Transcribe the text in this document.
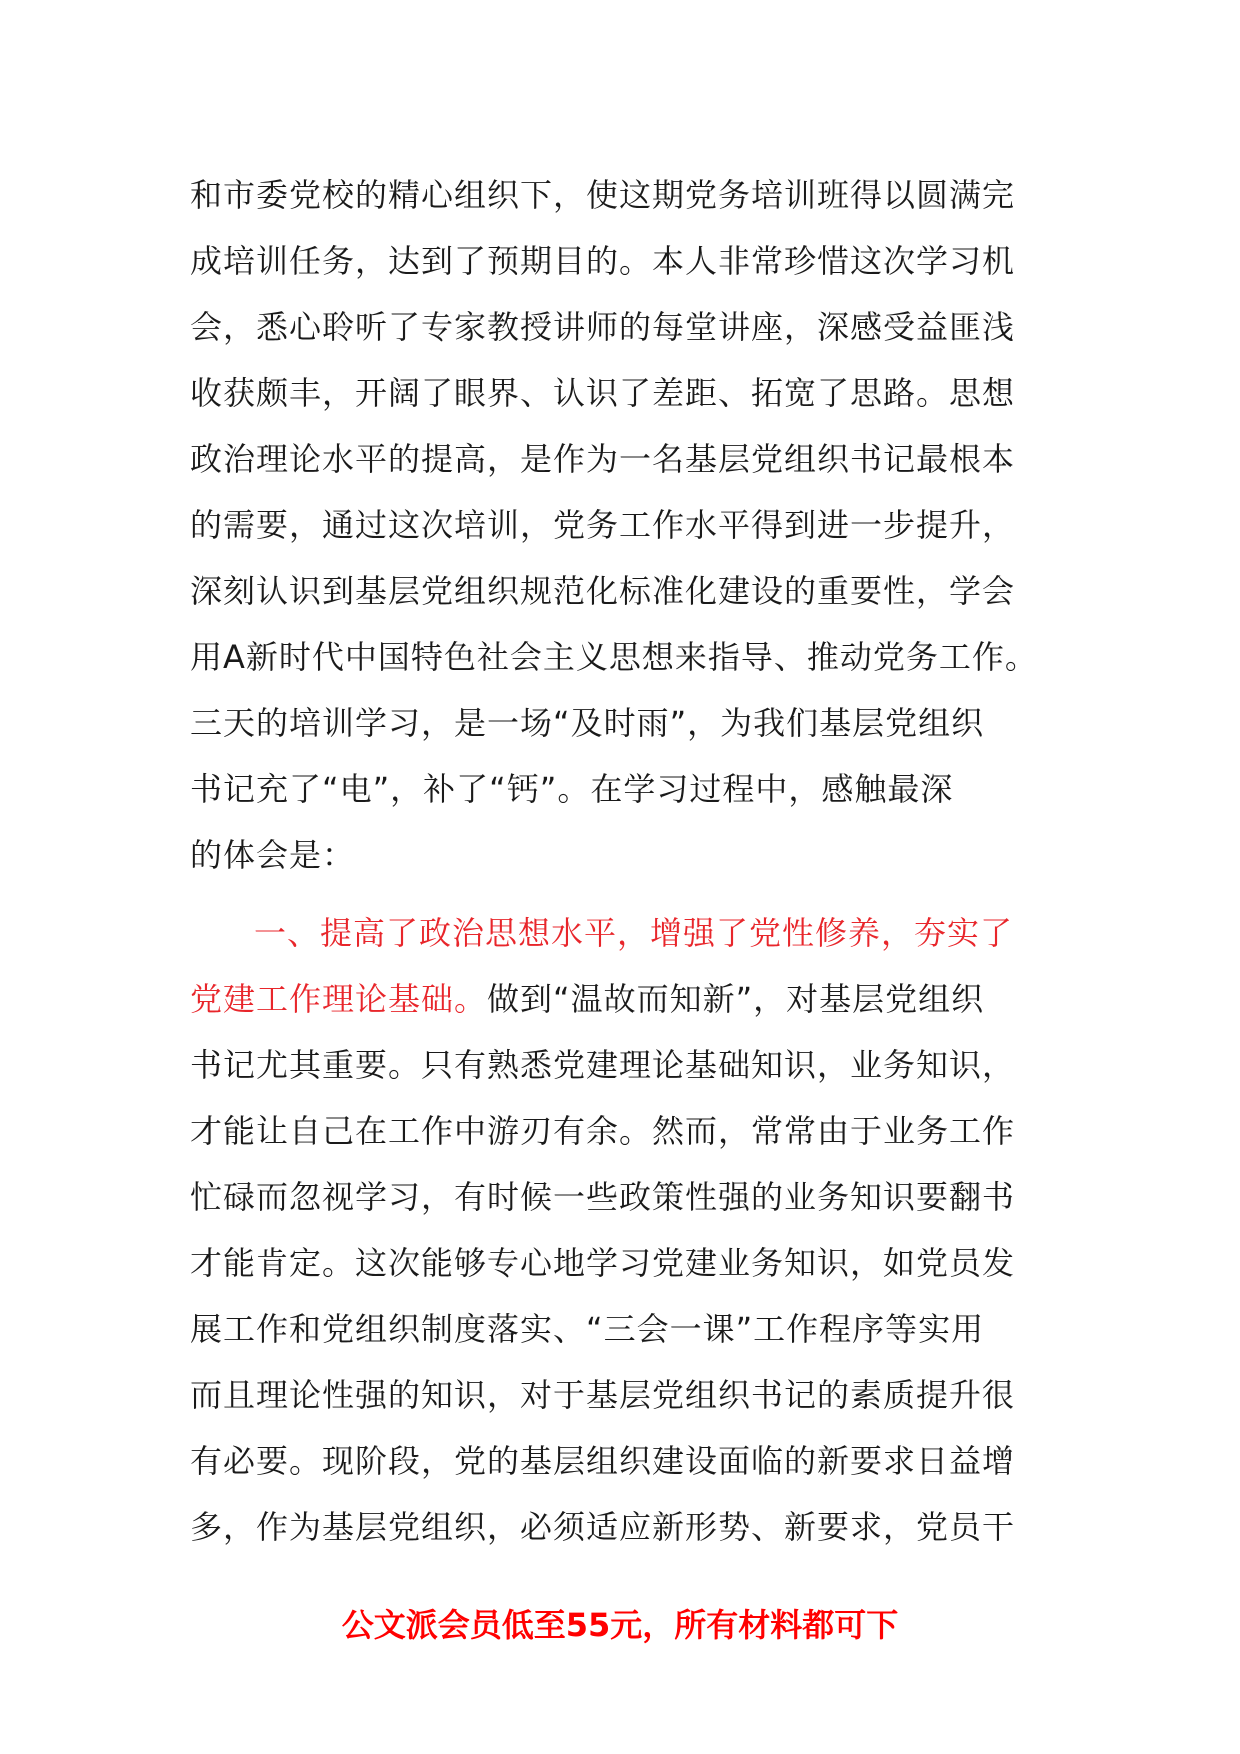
和市委党校的精心组织下，使这期党务培训班得以圆满完
成培训任务，达到了预期目的。本人非常珍惜这次学习机
会，悉心聆听了专家教授讲师的每堂讲座，深感受益匪浅
收获颇丰，开阔了眼界、认识了差距、拓宽了思路。思想
政治理论水平的提高，是作为一名基层党组织书记最根本
的需要，通过这次培训，党务工作水平得到进一步提升，
深刻认识到基层党组织规范化标准化建设的重要性，学会
用A新时代中国特色社会主义思想来指导、推动党务工作。
三天的培训学习，是一场“及时雨”，为我们基层党组织
书记充了“电”，补了“钙”。在学习过程中，感触最深
的体会是：
一、提高了政治思想水平，增强了党性修养，夯实了
党建工作理论基础。做到“温故而知新”，对基层党组织
书记尤其重要。只有熟悉党建理论基础知识，业务知识，
才能让自己在工作中游刃有余。然而，常常由于业务工作
忙碌而忽视学习，有时候一些政策性强的业务知识要翻书
才能肯定。这次能够专心地学习党建业务知识，如党员发
展工作和党组织制度落实、“三会一课”工作程序等实用
而且理论性强的知识，对于基层党组织书记的素质提升很
有必要。现阶段，党的基层组织建设面临的新要求日益增
多，作为基层党组织，必须适应新形势、新要求，党员干
公文派会员低至55元，所有材料都可下
